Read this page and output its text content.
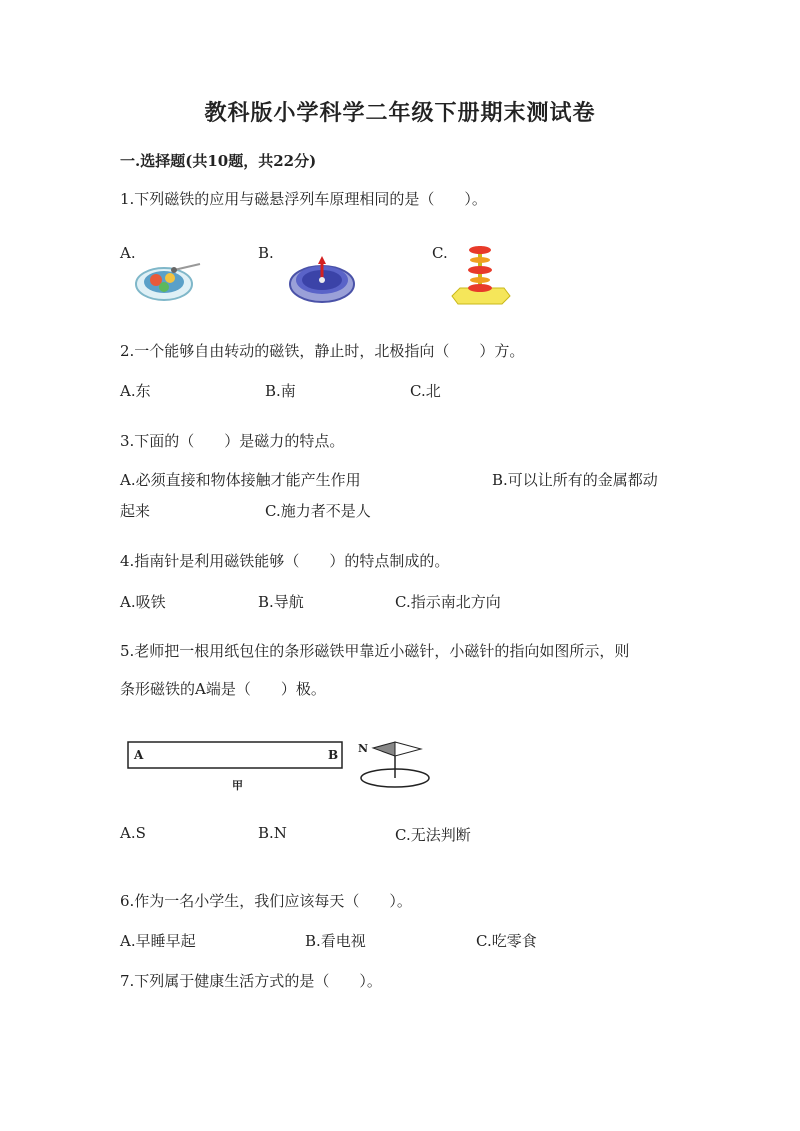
教科版小学科学二年级下册期末测试卷
一.选择题(共10题，共22分)
1.下列磁铁的应用与磁悬浮列车原理相同的是（　　）。
A.	B.	C.
2.一个能够自由转动的磁铁，静止时，北极指向（　　）方。
A.东	B.南	C.北
3.下面的（　　）是磁力的特点。
A.必须直接和物体接触才能产生作用	B.可以让所有的金属都动
起来	C.施力者不是人
4.指南针是利用磁铁能够（　　）的特点制成的。
A.吸铁	B.导航	C.指示南北方向
5.老师把一根用纸包住的条形磁铁甲靠近小磁针，小磁针的指向如图所示，则
条形磁铁的A端是（　　）极。
A	B
甲
N
A.S	B.N	C.无法判断
6.作为一名小学生，我们应该每天（　　）。
A.早睡早起	B.看电视	C.吃零食
7.下列属于健康生活方式的是（　　）。
